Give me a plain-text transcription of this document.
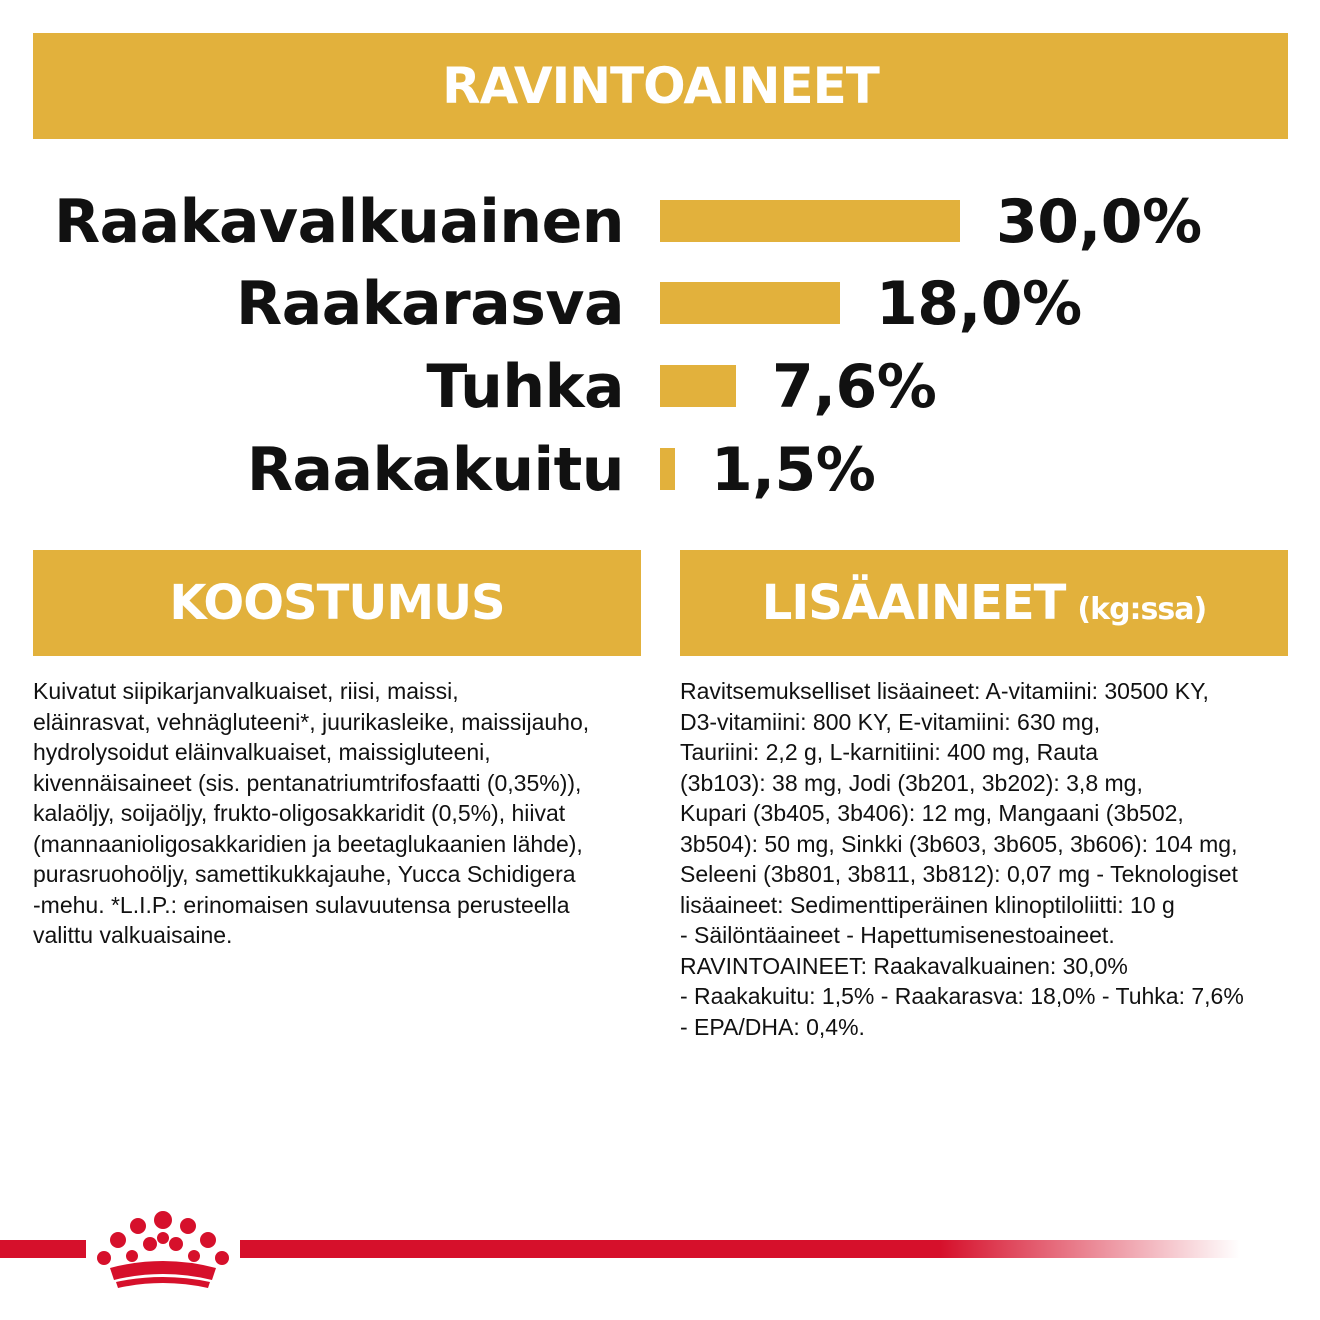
RAVINTOAINEET
Raakavalkuainen	30,0%
Raakarasva	18,0%
Tuhka 7,6%
Raakakuitu 1,5%
KOOSTUMUS	LISÄAINEET (kg:ssa)
Kuivatut siipikarjanvalkuaiset, riisi, maissi,
eläinrasvat, vehnägluteeni*, juurikasleike, maissijauho,
hydrolysoidut eläinvalkuaiset, maissigluteeni,
kivennäisaineet (sis. pentanatriumtrifosfaatti (0,35%)),
kalaöljy, soijaöljy, frukto-oligosakkaridit (0,5%), hiivat
(mannaanioligosakkaridien ja beetaglukaanien lähde),
purasruohoöljy, samettikukkajauhe, Yucca Schidigera
-mehu. *L.I.P.: erinomaisen sulavuutensa perusteella
valittu valkuaisaine.
Ravitsemukselliset lisäaineet: A-vitamiini: 30500 KY,
D3-vitamiini: 800 KY, E-vitamiini: 630 mg,
Tauriini: 2,2 g, L-karnitiini: 400 mg, Rauta
(3b103): 38 mg, Jodi (3b201, 3b202): 3,8 mg,
Kupari (3b405, 3b406): 12 mg, Mangaani (3b502,
3b504): 50 mg, Sinkki (3b603, 3b605, 3b606): 104 mg,
Seleeni (3b801, 3b811, 3b812): 0,07 mg - Teknologiset
lisäaineet: Sedimenttiperäinen klinoptiloliitti: 10 g
- Säilöntäaineet - Hapettumisenestoaineet.
RAVINTOAINEET: Raakavalkuainen: 30,0%
- Raakakuitu: 1,5% - Raakarasva: 18,0% - Tuhka: 7,6%
- EPA/DHA: 0,4%.
